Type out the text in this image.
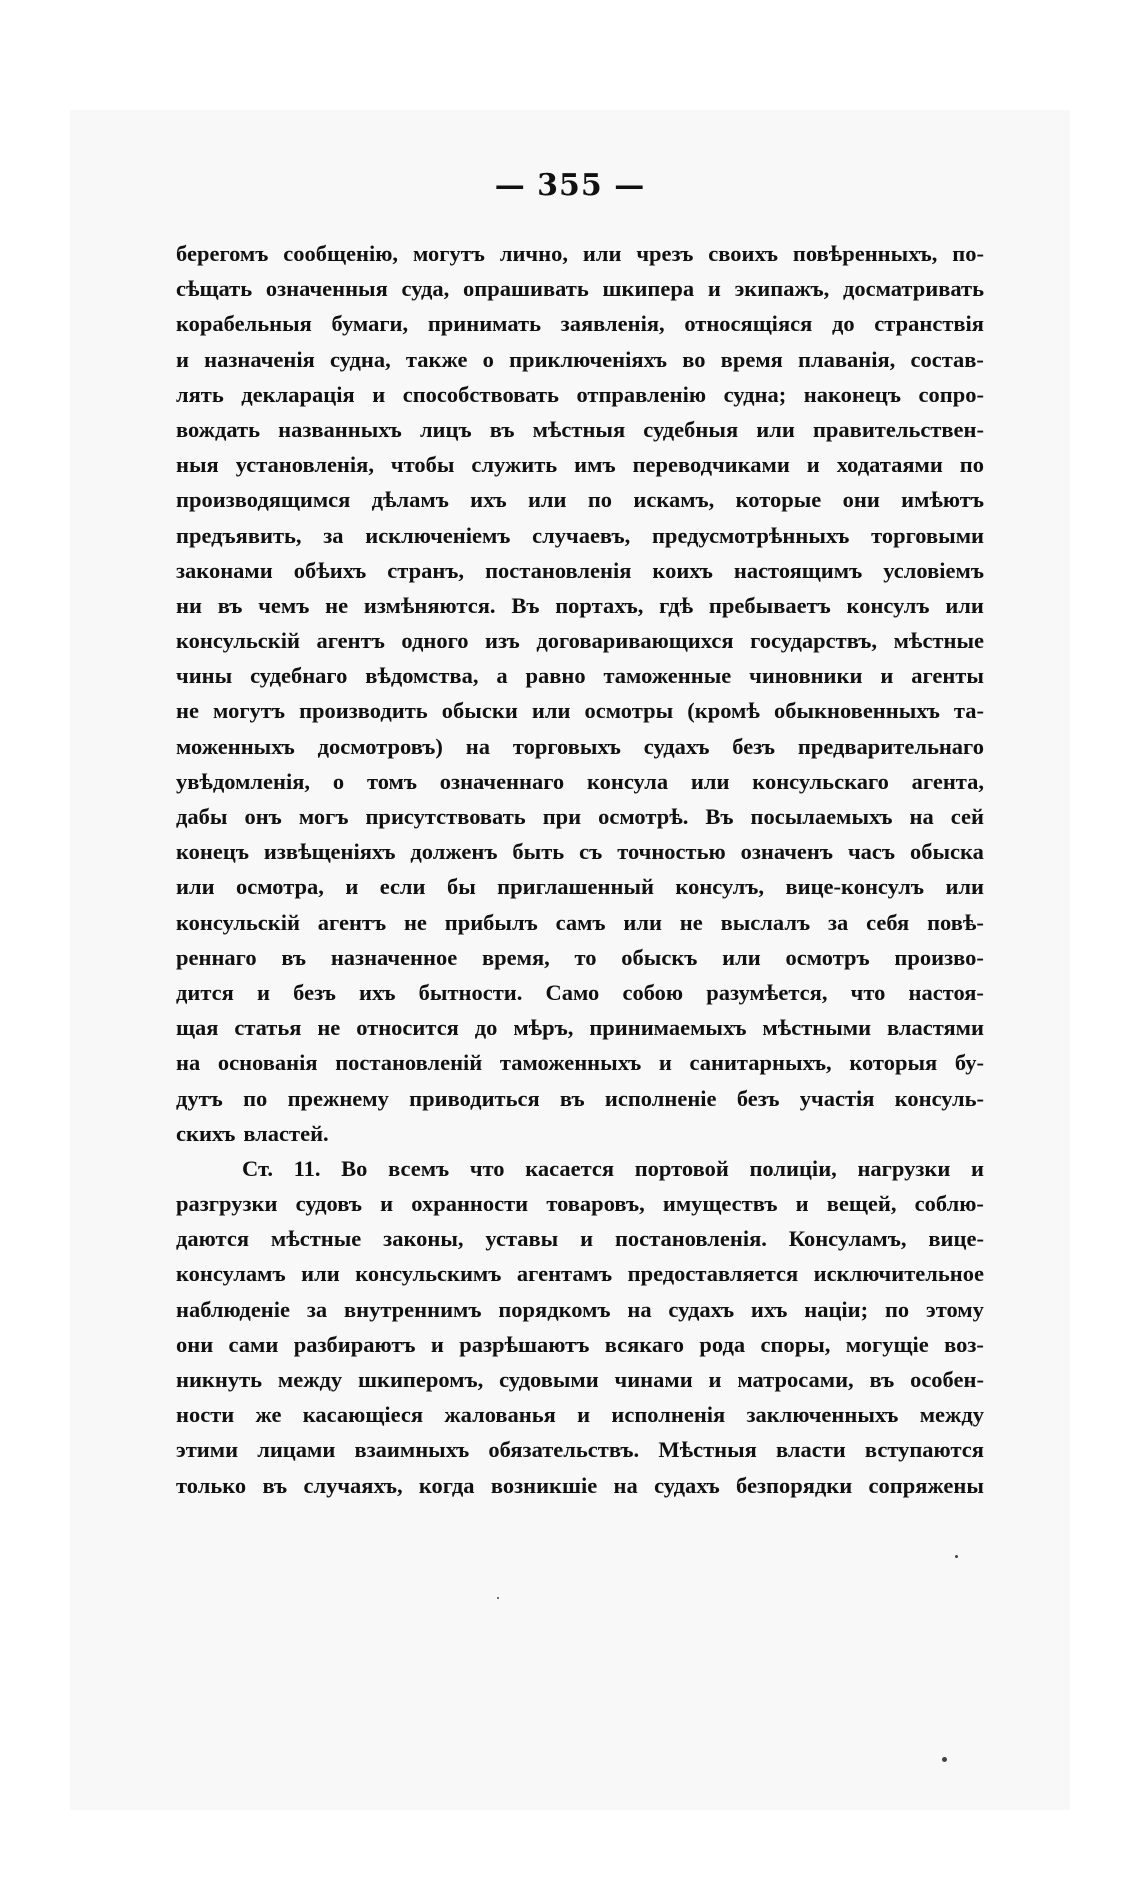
— 355 —
берегомъ сообщенію, могутъ лично, или чрезъ своихъ повѣренныхъ, по-
сѣщать означенныя суда, опрашивать шкипера и экипажъ, досматривать
корабельныя бумаги, принимать заявленія, относящіяся до странствія
и назначенія судна, также о приключеніяхъ во время плаванія, состав-
лять декларація и способствовать отправленію судна; наконецъ сопро-
вождать названныхъ лицъ въ мѣстныя судебныя или правительствен-
ныя установленія, чтобы служить имъ переводчиками и ходатаями по
производящимся дѣламъ ихъ или по искамъ, которые они имѣютъ
предъявить, за исключеніемъ случаевъ, предусмотрѣнныхъ торговыми
законами обѣихъ странъ, постановленія коихъ настоящимъ условіемъ
ни въ чемъ не измѣняются. Въ портахъ, гдѣ пребываетъ консулъ или
консульскій агентъ одного изъ договаривающихся государствъ, мѣстные
чины судебнаго вѣдомства, а равно таможенные чиновники и агенты
не могутъ производить обыски или осмотры (кромѣ обыкновенныхъ та-
моженныхъ досмотровъ) на торговыхъ судахъ безъ предварительнаго
увѣдомленія, о томъ означеннаго консула или консульскаго агента,
дабы онъ могъ присутствовать при осмотрѣ. Въ посылаемыхъ на сей
конецъ извѣщеніяхъ долженъ быть съ точностью означенъ часъ обыска
или осмотра, и если бы приглашенный консулъ, вице-консулъ или
консульскій агентъ не прибылъ самъ или не выслалъ за себя повѣ-
реннаго въ назначенное время, то обыскъ или осмотръ произво-
дится и безъ ихъ бытности. Само собою разумѣется, что настоя-
щая статья не относится до мѣръ, принимаемыхъ мѣстными властями
на основанія постановленій таможенныхъ и санитарныхъ, которыя бу-
дутъ по прежнему приводиться въ исполненіе безъ участія консуль-
скихъ властей.
Ст. 11. Во всемъ что касается портовой полиціи, нагрузки и
разгрузки судовъ и охранности товаровъ, имуществъ и вещей, соблю-
даются мѣстные законы, уставы и постановленія. Консуламъ, вице-
консуламъ или консульскимъ агентамъ предоставляется исключительное
наблюденіе за внутреннимъ порядкомъ на судахъ ихъ націи; по этому
они сами разбираютъ и разрѣшаютъ всякаго рода споры, могущіе воз-
никнуть между шкиперомъ, судовыми чинами и матросами, въ особен-
ности же касающіеся жалованья и исполненія заключенныхъ между
этими лицами взаимныхъ обязательствъ. Мѣстныя власти вступаются
только въ случаяхъ, когда возникшіе на судахъ безпорядки сопряжены
